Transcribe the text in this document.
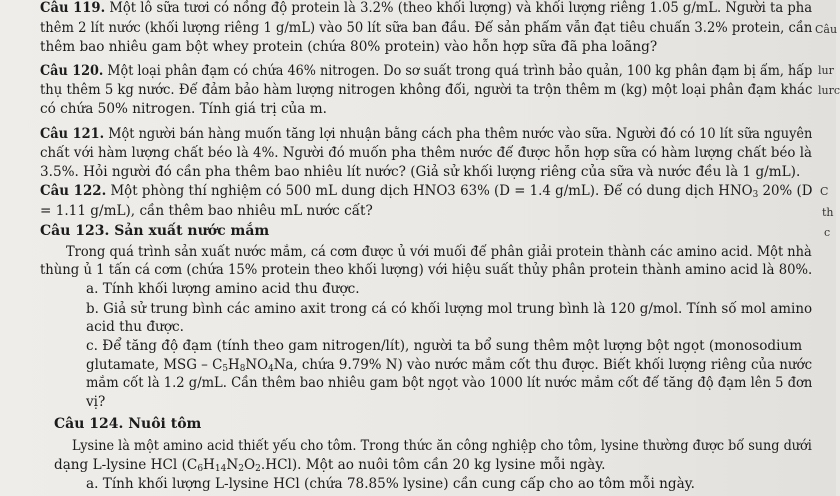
Câu 119. Một lô sữa tươi có nồng độ protein là 3.2% (theo khối lượng) và khối lượng riêng 1.05 g/mL. Người ta pha
thêm 2 lít nước (khối lượng riêng 1 g/mL) vào 50 lít sữa ban đầu. Để sản phẩm vẫn đạt tiêu chuẩn 3.2% protein, cần
thêm bao nhiêu gam bột whey protein (chứa 80% protein) vào hỗn hợp sữa đã pha loãng?
Câu 120. Một loại phân đạm có chứa 46% nitrogen. Do sơ suất trong quá trình bảo quản, 100 kg phân đạm bị ẩm, hấp
thụ thêm 5 kg nước. Để đảm bảo hàm lượng nitrogen không đổi, người ta trộn thêm m (kg) một loại phân đạm khác
có chứa 50% nitrogen. Tính giá trị của m.
Câu 121. Một người bán hàng muốn tăng lợi nhuận bằng cách pha thêm nước vào sữa. Người đó có 10 lít sữa nguyên
chất với hàm lượng chất béo là 4%. Người đó muốn pha thêm nước để được hỗn hợp sữa có hàm lượng chất béo là
3.5%. Hỏi người đó cần pha thêm bao nhiêu lít nước? (Giả sử khối lượng riêng của sữa và nước đều là 1 g/mL).
Câu 122. Một phòng thí nghiệm có 500 mL dung dịch HNO3 63% (D = 1.4 g/mL). Để có dung dịch $HNO_3$ 20% (D
= 1.11 g/mL), cần thêm bao nhiêu mL nước cất?
Câu 123. Sản xuất nước mắm
Trong quá trình sản xuất nước mắm, cá cơm được ủ với muối để phân giải protein thành các amino acid. Một nhà
thùng ủ 1 tấn cá cơm (chứa 15% protein theo khối lượng) với hiệu suất thủy phân protein thành amino acid là 80%.
a. Tính khối lượng amino acid thu được.
b. Giả sử trung bình các amino axit trong cá có khối lượng mol trung bình là 120 g/mol. Tính số mol amino
acid thu được.
c. Để tăng độ đạm (tính theo gam nitrogen/lít), người ta bổ sung thêm một lượng bột ngọt (monosodium
glutamate, MSG – $C_5H_8NO_4Na$, chứa 9.79% N) vào nước mắm cốt thu được. Biết khối lượng riêng của nước
mắm cốt là 1.2 g/mL. Cần thêm bao nhiêu gam bột ngọt vào 1000 lít nước mắm cốt để tăng độ đạm lên 5 đơn
vị?
Câu 124. Nuôi tôm
Lysine là một amino acid thiết yếu cho tôm. Trong thức ăn công nghiệp cho tôm, lysine thường được bổ sung dưới
dạng L-lysine HCl $(C_6H_{14}N_2O_2.HCl)$. Một ao nuôi tôm cần 20 kg lysine mỗi ngày.
a. Tính khối lượng L-lysine HCl (chứa 78.85% lysine) cần cung cấp cho ao tôm mỗi ngày.
Câu
lur
lurc
C
th
c
